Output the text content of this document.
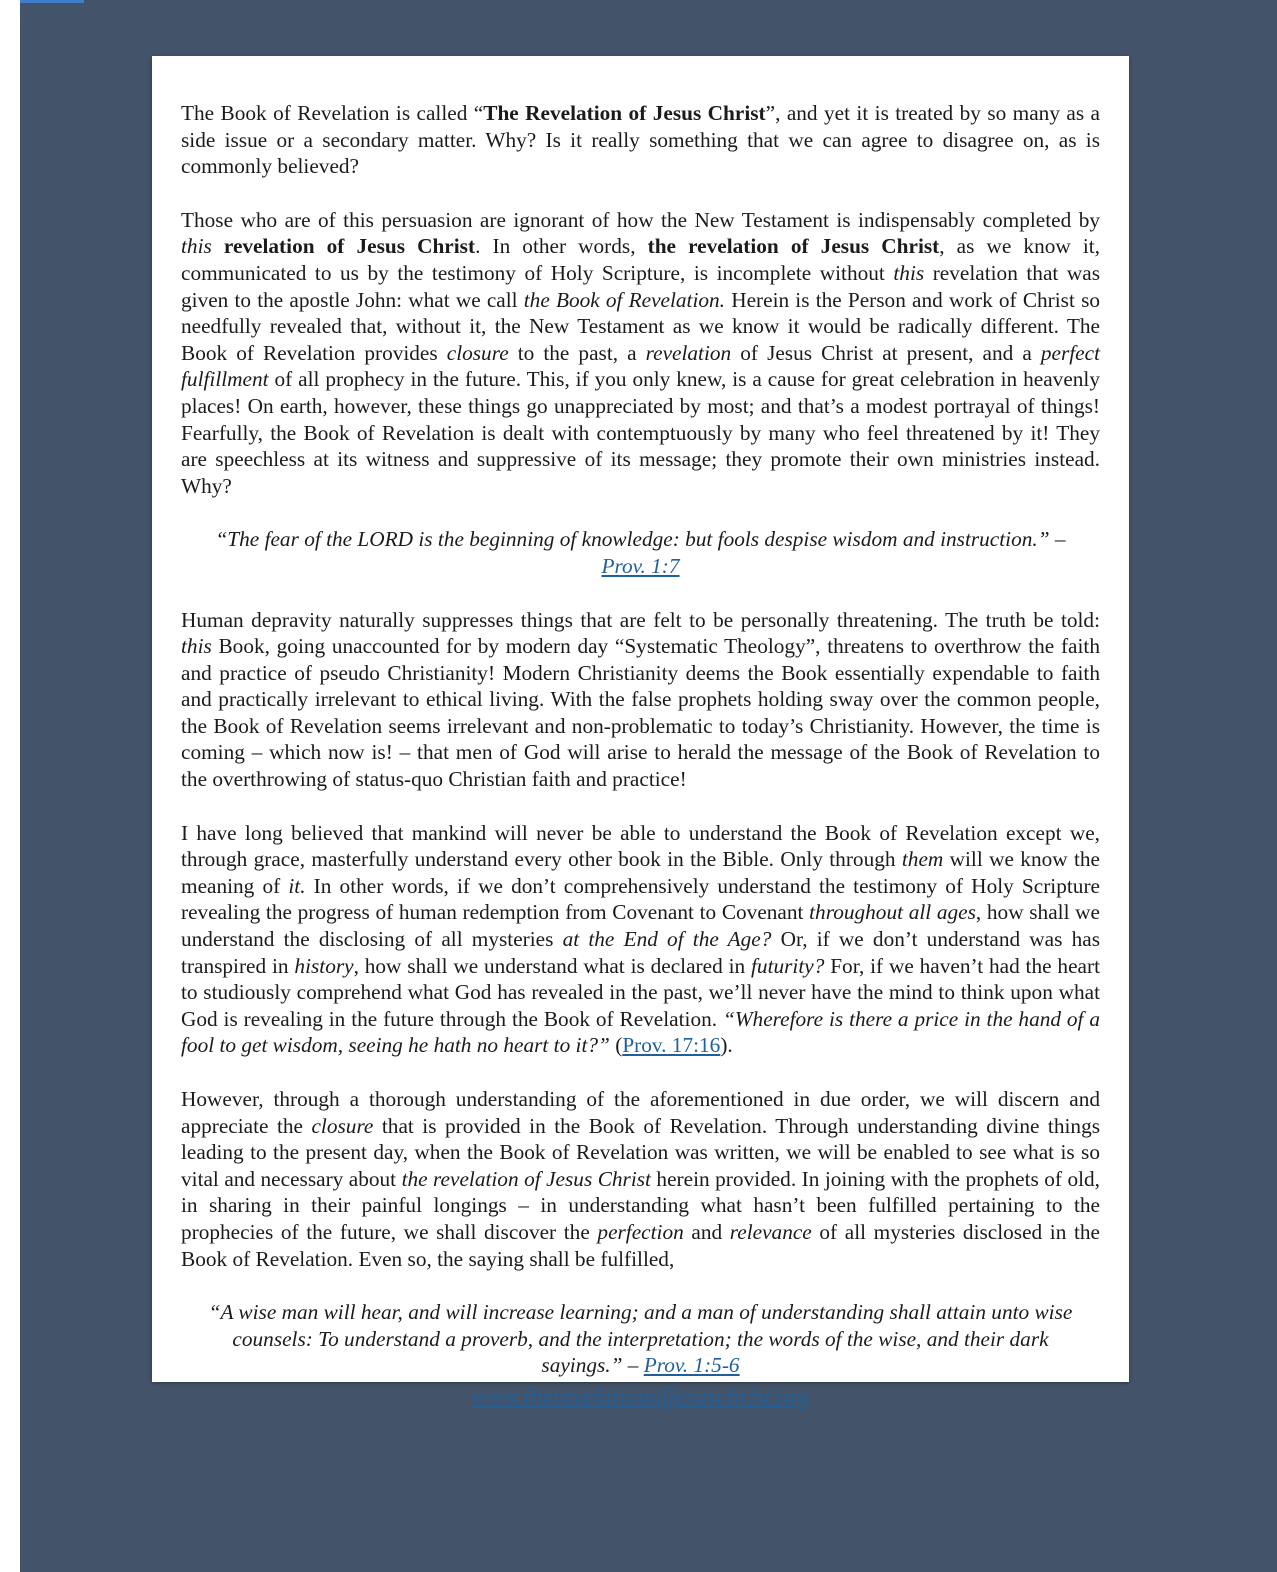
The Book of Revelation is called “The Revelation of Jesus Christ”, and yet it is treated by so many as a side issue or a secondary matter. Why? Is it really something that we can agree to disagree on, as is commonly believed?

Those who are of this persuasion are ignorant of how the New Testament is indispensably completed by this revelation of Jesus Christ. In other words, the revelation of Jesus Christ, as we know it, communicated to us by the testimony of Holy Scripture, is incomplete without this revelation that was given to the apostle John: what we call the Book of Revelation. Herein is the Person and work of Christ so needfully revealed that, without it, the New Testament as we know it would be radically different. The Book of Revelation provides closure to the past, a revelation of Jesus Christ at present, and a perfect fulfillment of all prophecy in the future. This, if you only knew, is a cause for great celebration in heavenly places! On earth, however, these things go unappreciated by most; and that’s a modest portrayal of things! Fearfully, the Book of Revelation is dealt with contemptuously by many who feel threatened by it! They are speechless at its witness and suppressive of its message; they promote their own ministries instead. Why?

“The fear of the LORD is the beginning of knowledge: but fools despise wisdom and instruction.” – Prov. 1:7

Human depravity naturally suppresses things that are felt to be personally threatening. The truth be told: this Book, going unaccounted for by modern day “Systematic Theology”, threatens to overthrow the faith and practice of pseudo Christianity! Modern Christianity deems the Book essentially expendable to faith and practically irrelevant to ethical living. With the false prophets holding sway over the common people, the Book of Revelation seems irrelevant and non-problematic to today’s Christianity. However, the time is coming – which now is! – that men of God will arise to herald the message of the Book of Revelation to the overthrowing of status-quo Christian faith and practice!

I have long believed that mankind will never be able to understand the Book of Revelation except we, through grace, masterfully understand every other book in the Bible. Only through them will we know the meaning of it. In other words, if we don’t comprehensively understand the testimony of Holy Scripture revealing the progress of human redemption from Covenant to Covenant throughout all ages, how shall we understand the disclosing of all mysteries at the End of the Age? Or, if we don’t understand was has transpired in history, how shall we understand what is declared in futurity? For, if we haven’t had the heart to studiously comprehend what God has revealed in the past, we’ll never have the mind to think upon what God is revealing in the future through the Book of Revelation. “Wherefore is there a price in the hand of a fool to get wisdom, seeing he hath no heart to it?” (Prov. 17:16).

However, through a thorough understanding of the aforementioned in due order, we will discern and appreciate the closure that is provided in the Book of Revelation. Through understanding divine things leading to the present day, when the Book of Revelation was written, we will be enabled to see what is so vital and necessary about the revelation of Jesus Christ herein provided. In joining with the prophets of old, in sharing in their painful longings – in understanding what hasn’t been fulfilled pertaining to the prophecies of the future, we shall discover the perfection and relevance of all mysteries disclosed in the Book of Revelation. Even so, the saying shall be fulfilled,

“A wise man will hear, and will increase learning; and a man of understanding shall attain unto wise counsels: To understand a proverb, and the interpretation; the words of the wise, and their dark sayings.” – Prov. 1:5-6

www.therevelationofjesuschrist.org
